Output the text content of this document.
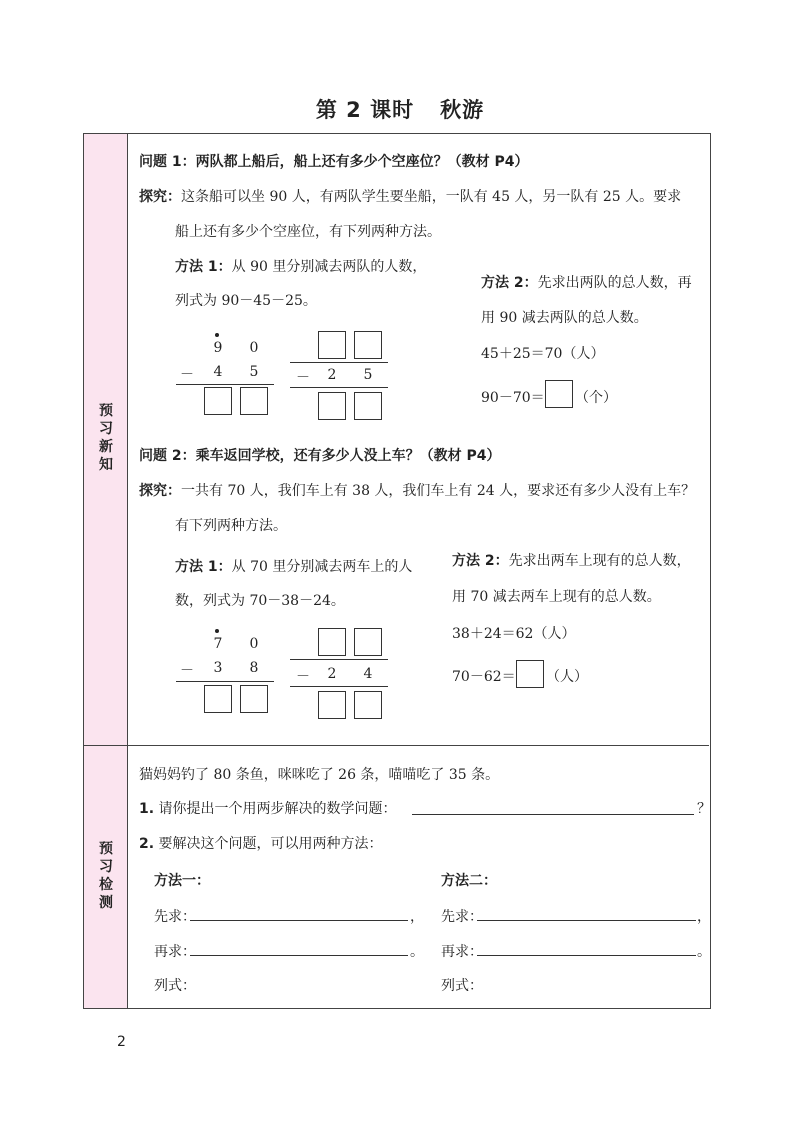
第 2 课时 秋游
预
习
新
知
预
习
检
测
问题 1：两队都上船后，船上还有多少个空座位？（教材 P4）
探究：这条船可以坐 90 人，有两队学生要坐船，一队有 45 人，另一队有 25 人。要求
船上还有多少个空座位，有下列两种方法。
方法 1：从 90 里分别减去两队的人数，
列式为 90－45－25。
方法 2：先求出两队的总人数，再
用 90 减去两队的总人数。
45＋25＝70（人）
90－70＝ （个）
9 0
－ 4 5	－ 2 5
问题 2：乘车返回学校，还有多少人没上车？（教材 P4）
探究：一共有 70 人，我们车上有 38 人，我们车上有 24 人，要求还有多少人没有上车？
有下列两种方法。
方法 1：从 70 里分别减去两车上的人
数，列式为 70－38－24。
方法 2：先求出两车上现有的总人数，
用 70 减去两车上现有的总人数。
38＋24＝62（人）
70－62＝ （人）
7 0
－ 3 8
－ 2 4
猫妈妈钓了 80 条鱼，咪咪吃了 26 条，喵喵吃了 35 条。
1. 请你提出一个用两步解决的数学问题：	？
2. 要解决这个问题，可以用两种方法：
方法一：	方法二：
先求：	， 先求：	，
再求：	。 再求：	。
列式：	列式：
2
